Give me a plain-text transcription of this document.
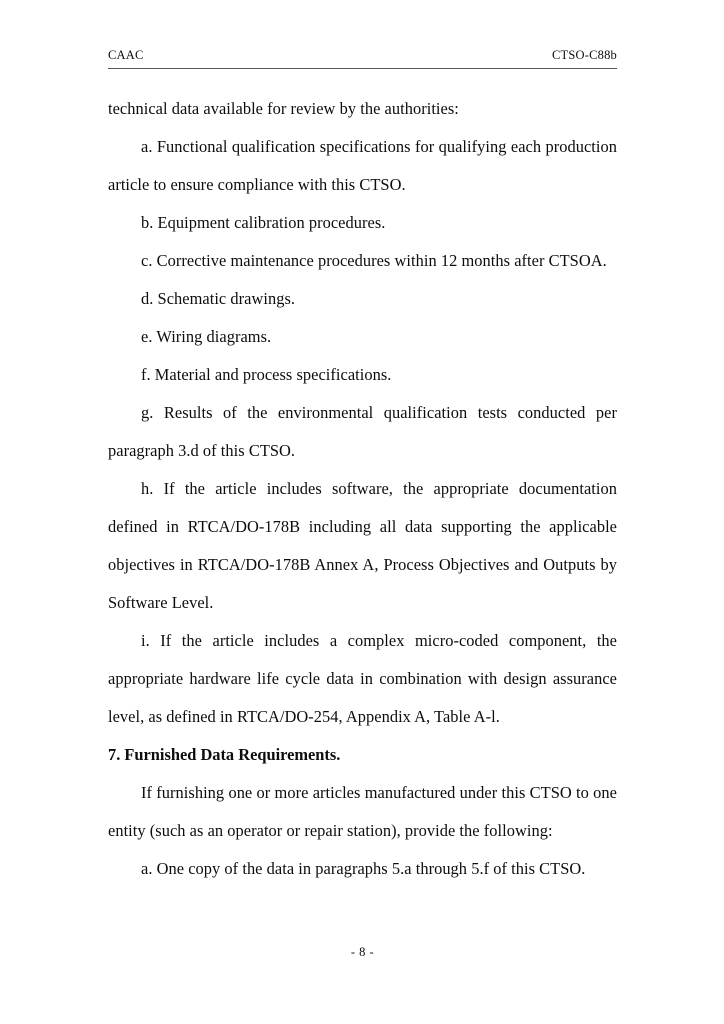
CAAC	CTSO-C88b

technical data available for review by the authorities:

a. Functional qualification specifications for qualifying each production article to ensure compliance with this CTSO.

b. Equipment calibration procedures.

c. Corrective maintenance procedures within 12 months after CTSOA.

d. Schematic drawings.

e. Wiring diagrams.

f. Material and process specifications.

g. Results of the environmental qualification tests conducted per paragraph 3.d of this CTSO.

h. If the article includes software, the appropriate documentation defined in RTCA/DO-178B including all data supporting the applicable objectives in RTCA/DO-178B Annex A, Process Objectives and Outputs by Software Level.

i. If the article includes a complex micro-coded component, the appropriate hardware life cycle data in combination with design assurance level, as defined in RTCA/DO-254, Appendix A, Table A-l.

7. Furnished Data Requirements.

If furnishing one or more articles manufactured under this CTSO to one entity (such as an operator or repair station), provide the following:

a. One copy of the data in paragraphs 5.a through 5.f of this CTSO.

- 8 -
